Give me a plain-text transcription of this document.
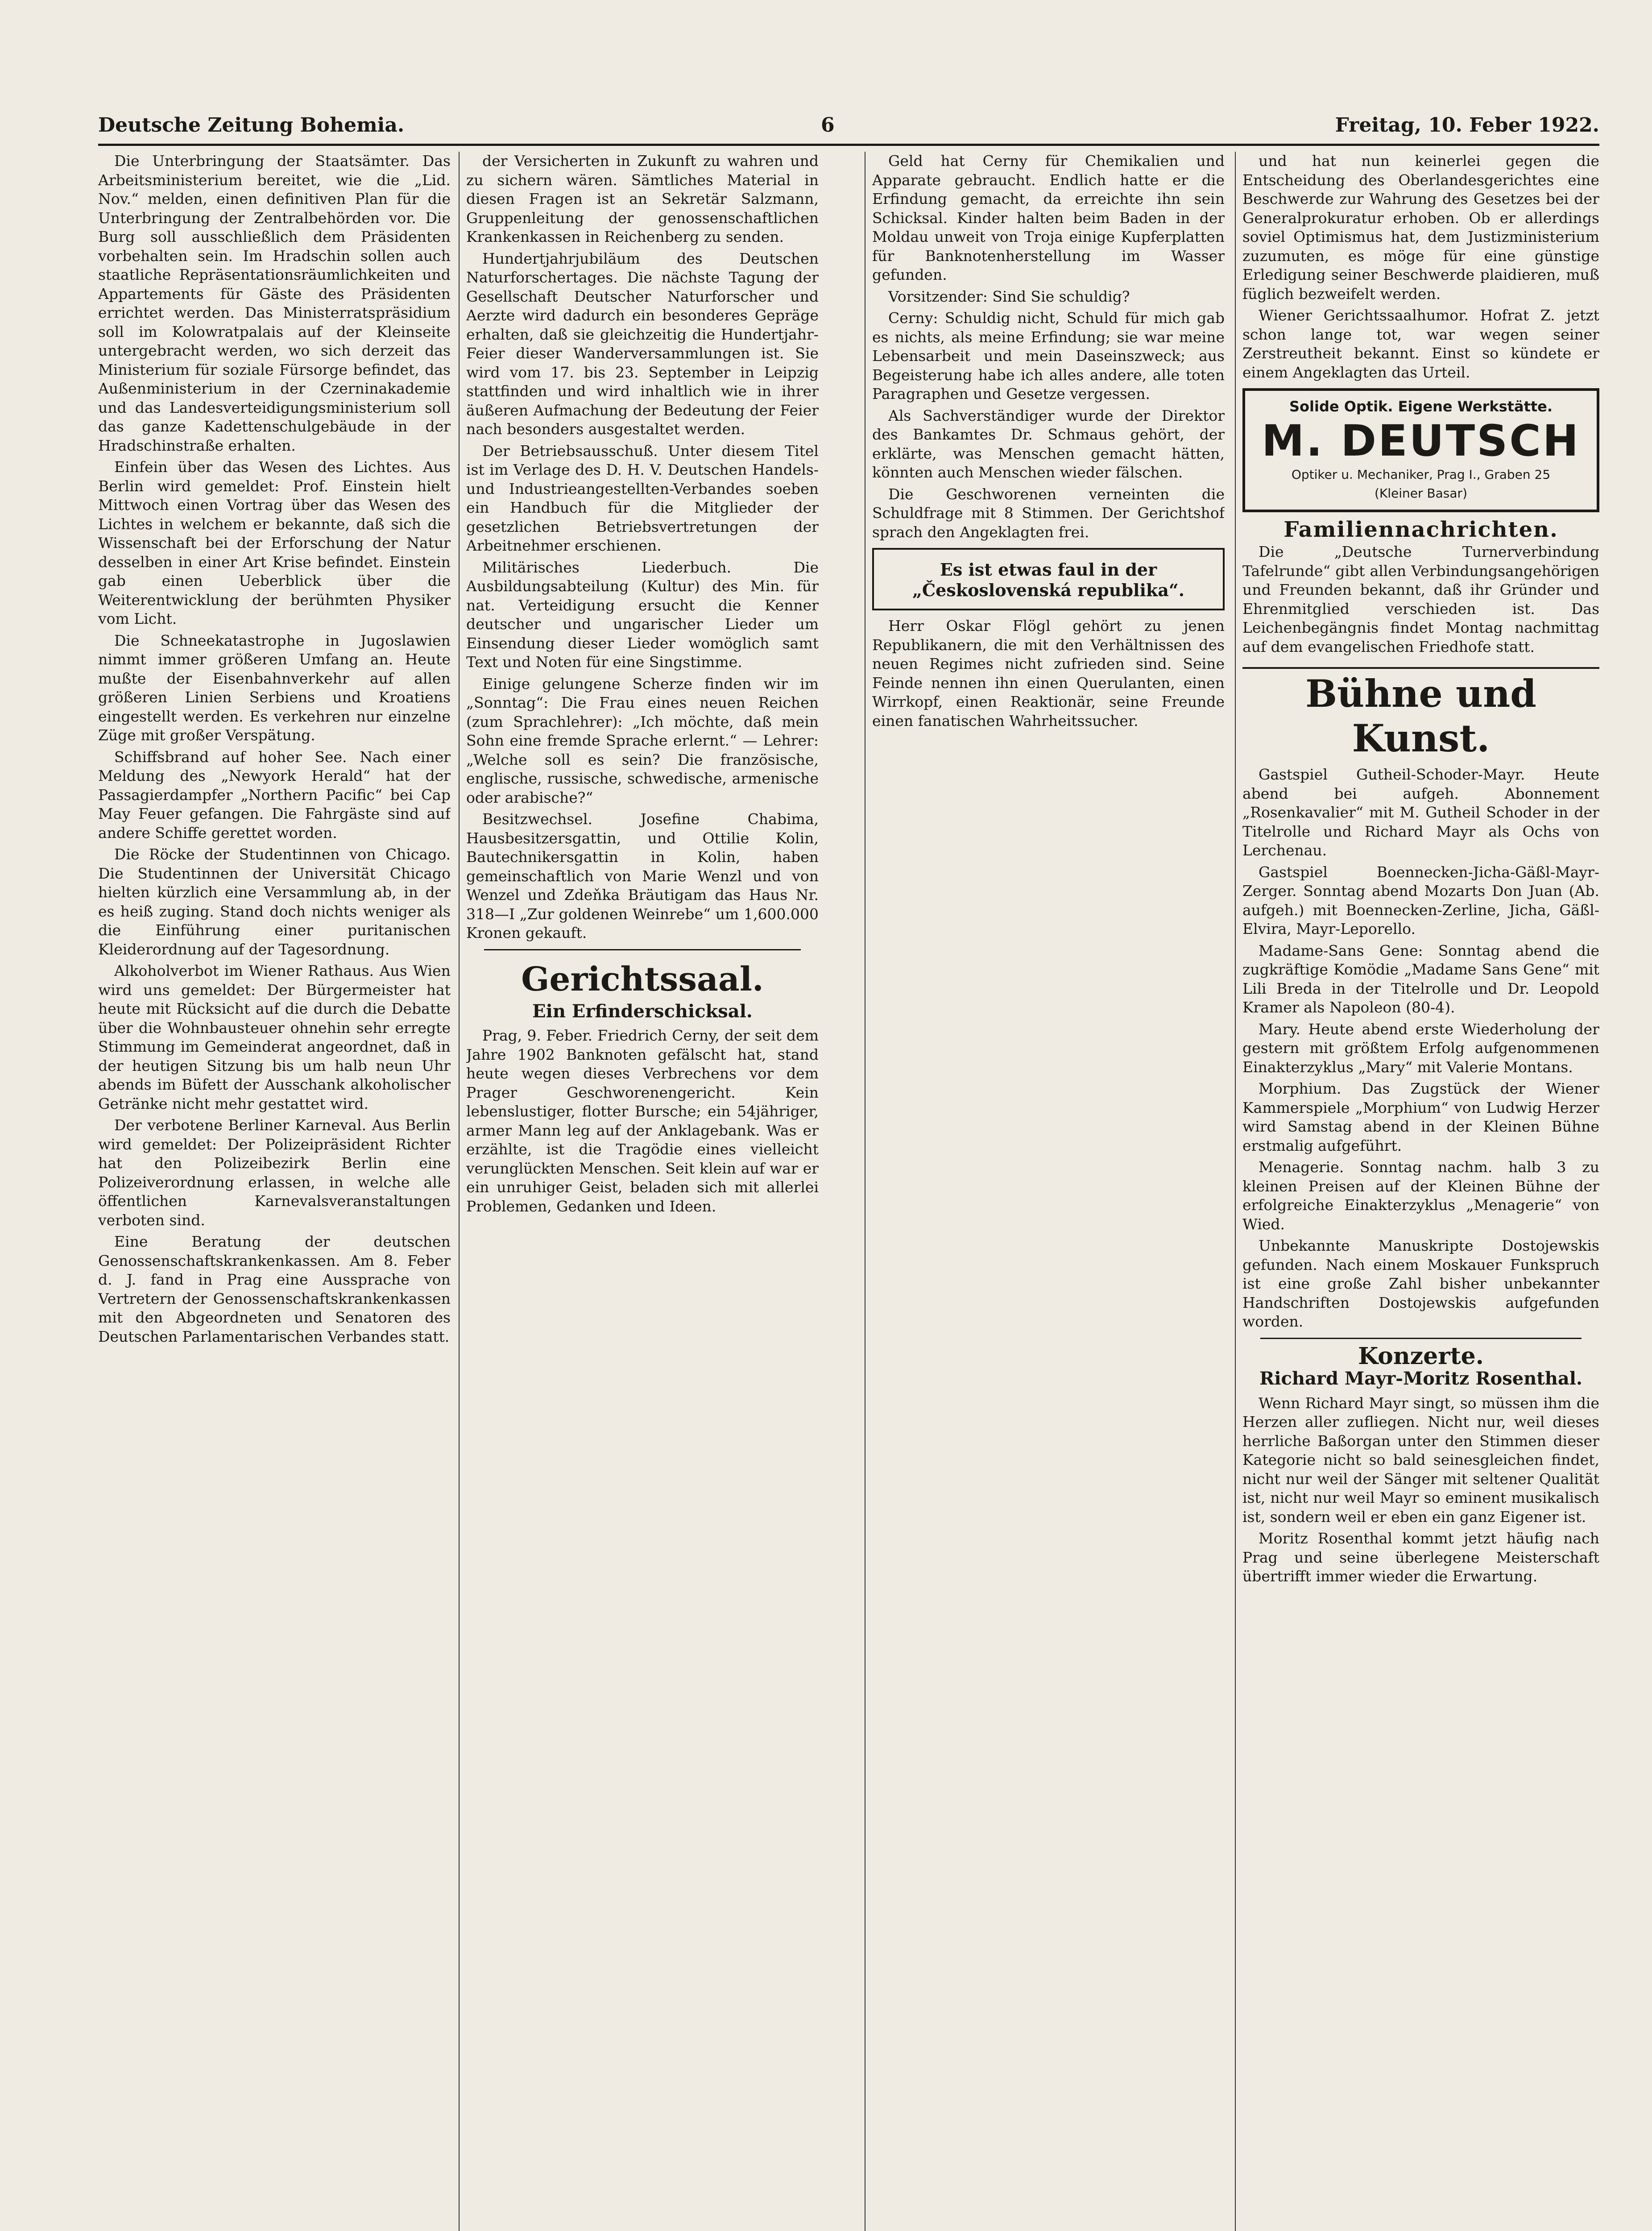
Deutsche Zeitung Bohemia.	6	Freitag, 10. Feber 1922.

Die Unterbringung der Staatsämter. Das Arbeitsministerium bereitet, wie die „Lid. Nov.“ melden, einen definitiven Plan für die Unterbringung der Zentralbehörden vor. Die Burg soll ausschließlich dem Präsidenten vorbehalten sein. Im Hradschin sollen auch staatliche Repräsentationsräumlichkeiten und Appartements für Gäste des Präsidenten errichtet werden. Das Ministerratspräsidium soll im Kolowratpalais auf der Kleinseite untergebracht werden, wo sich derzeit das Ministerium für soziale Fürsorge befindet, das Außenministerium in der Czerninakademie und das Landesverteidigungsministerium soll das ganze Kadettenschulgebäude in der Hradschinstraße erhalten.

Einfein über das Wesen des Lichtes. Aus Berlin wird gemeldet: Prof. Einstein hielt Mittwoch einen Vortrag über das Wesen des Lichtes in welchem er bekannte, daß sich die Wissenschaft bei der Erforschung der Natur desselben in einer Art Krise befindet. Einstein gab einen Ueberblick über die Weiterentwicklung der berühmten Physiker vom Licht.

Die Schneekatastrophe in Jugoslawien nimmt immer größeren Umfang an. Heute mußte der Eisenbahnverkehr auf allen größeren Linien Serbiens und Kroatiens eingestellt werden. Es verkehren nur einzelne Züge mit großer Verspätung.

Schiffsbrand auf hoher See. Nach einer Meldung des „Newyork Herald“ hat der Passagierdampfer „Northern Pacific“ bei Cap May Feuer gefangen. Die Fahrgäste sind auf andere Schiffe gerettet worden.

Die Röcke der Studentinnen von Chicago. Die Studentinnen der Universität Chicago hielten kürzlich eine Versammlung ab, in der es heiß zuging. Stand doch nichts weniger als die Einführung einer puritanischen Kleiderordnung auf der Tagesordnung.

Alkoholverbot im Wiener Rathaus. Aus Wien wird uns gemeldet: Der Bürgermeister hat heute mit Rücksicht auf die durch die Debatte über die Wohnbausteuer ohnehin sehr erregte Stimmung im Gemeinderat angeordnet, daß in der heutigen Sitzung bis um halb neun Uhr abends im Büfett der Ausschank alkoholischer Getränke nicht mehr gestattet wird.

Der verbotene Berliner Karneval. Aus Berlin wird gemeldet: Der Polizeipräsident Richter hat den Polizeibezirk Berlin eine Polizeiverordnung erlassen, in welche alle öffentlichen Karnevalsveranstaltungen verboten sind.

Eine Beratung der deutschen Genossenschaftskrankenkassen. Am 8. Feber d. J. fand in Prag eine Aussprache von Vertretern der Genossenschaftskrankenkassen mit den Abgeordneten und Senatoren des Deutschen Parlamentarischen Verbandes statt.

der Versicherten in Zukunft zu wahren und zu sichern wären. Sämtliches Material in diesen Fragen ist an Sekretär Salzmann, Gruppenleitung der genossenschaftlichen Krankenkassen in Reichenberg zu senden.

Hundertjahrjubiläum des Deutschen Naturforschertages. Die nächste Tagung der Gesellschaft Deutscher Naturforscher und Aerzte wird dadurch ein besonderes Gepräge erhalten, daß sie gleichzeitig die Hundertjahr-Feier dieser Wanderversammlungen ist. Sie wird vom 17. bis 23. September in Leipzig stattfinden und wird inhaltlich wie in ihrer äußeren Aufmachung der Bedeutung der Feier nach besonders ausgestaltet werden.

Der Betriebsausschuß. Unter diesem Titel ist im Verlage des D. H. V. Deutschen Handels- und Industrieangestellten-Verbandes soeben ein Handbuch für die Mitglieder der gesetzlichen Betriebsvertretungen der Arbeitnehmer erschienen.

Militärisches Liederbuch. Die Ausbildungsabteilung (Kultur) des Min. für nat. Verteidigung ersucht die Kenner deutscher und ungarischer Lieder um Einsendung dieser Lieder womöglich samt Text und Noten für eine Singstimme.

Einige gelungene Scherze finden wir im „Sonntag“: Die Frau eines neuen Reichen (zum Sprachlehrer): „Ich möchte, daß mein Sohn eine fremde Sprache erlernt.“ — Lehrer: „Welche soll es sein? Die französische, englische, russische, schwedische, armenische oder arabische?“

Besitzwechsel. Josefine Chabima, Hausbesitzersgattin, und Ottilie Kolin, Bautechnikersgattin in Kolin, haben gemeinschaftlich von Marie Wenzl und von Wenzel und Zdeňka Bräutigam das Haus Nr. 318—I „Zur goldenen Weinrebe“ um 1,600.000 Kronen gekauft.

Gerichtssaal.
Ein Erfinderschicksal.

Prag, 9. Feber. Friedrich Cerny, der seit dem Jahre 1902 Banknoten gefälscht hat, stand heute wegen dieses Verbrechens vor dem Prager Geschworenengericht. Kein lebenslustiger, flotter Bursche; ein 54jähriger, armer Mann leg auf der Anklagebank. Was er erzählte, ist die Tragödie eines vielleicht verunglückten Menschen. Seit klein auf war er ein unruhiger Geist, beladen sich mit allerlei Problemen, Gedanken und Ideen.

Geld hat Cerny für Chemikalien und Apparate gebraucht. Endlich hatte er die Erfindung gemacht, da erreichte ihn sein Schicksal. Kinder halten beim Baden in der Moldau unweit von Troja einige Kupferplatten für Banknotenherstellung im Wasser gefunden.

Vorsitzender: Sind Sie schuldig?

Cerny: Schuldig nicht, Schuld für mich gab es nichts, als meine Erfindung; sie war meine Lebensarbeit und mein Daseinszweck; aus Begeisterung habe ich alles andere, alle toten Paragraphen und Gesetze vergessen.

Als Sachverständiger wurde der Direktor des Bankamtes Dr. Schmaus gehört, der erklärte, was Menschen gemacht hätten, könnten auch Menschen wieder fälschen.

Die Geschworenen verneinten die Schuldfrage mit 8 Stimmen. Der Gerichtshof sprach den Angeklagten frei.

Es ist etwas faul in der „Československá republika“.

Herr Oskar Flögl gehört zu jenen Republikanern, die mit den Verhältnissen des neuen Regimes nicht zufrieden sind. Seine Feinde nennen ihn einen Querulanten, einen Wirrkopf, einen Reaktionär, seine Freunde einen fanatischen Wahrheitssucher.

und hat nun keinerlei gegen die Entscheidung des Oberlandesgerichtes eine Beschwerde zur Wahrung des Gesetzes bei der Generalprokuratur erhoben. Ob er allerdings soviel Optimismus hat, dem Justizministerium zuzumuten, es möge für eine günstige Erledigung seiner Beschwerde plaidieren, muß füglich bezweifelt werden.

Wiener Gerichtssaalhumor. Hofrat Z. jetzt schon lange tot, war wegen seiner Zerstreutheit bekannt. Einst so kündete er einem Angeklagten das Urteil.

Solide Optik. Eigene Werkstätte.
M. DEUTSCH
Optiker u. Mechaniker, Prag I., Graben 25
(Kleiner Basar)
Familiennachrichten.

Die „Deutsche Turnerverbindung Tafelrunde“ gibt allen Verbindungsangehörigen und Freunden bekannt, daß ihr Gründer und Ehrenmitglied verschieden ist. Das Leichenbegängnis findet Montag nachmittag auf dem evangelischen Friedhofe statt.

Bühne und Kunst.

Gastspiel Gutheil-Schoder-Mayr. Heute abend bei aufgeh. Abonnement „Rosenkavalier“ mit M. Gutheil Schoder in der Titelrolle und Richard Mayr als Ochs von Lerchenau.

Gastspiel Boennecken-Jicha-Gäßl-Mayr-Zerger. Sonntag abend Mozarts Don Juan (Ab. aufgeh.) mit Boennecken-Zerline, Jicha, Gäßl-Elvira, Mayr-Leporello.

Madame-Sans Gene: Sonntag abend die zugkräftige Komödie „Madame Sans Gene“ mit Lili Breda in der Titelrolle und Dr. Leopold Kramer als Napoleon (80-4).

Mary. Heute abend erste Wiederholung der gestern mit größtem Erfolg aufgenommenen Einakterzyklus „Mary“ mit Valerie Montans.

Morphium. Das Zugstück der Wiener Kammerspiele „Morphium“ von Ludwig Herzer wird Samstag abend in der Kleinen Bühne erstmalig aufgeführt.

Menagerie. Sonntag nachm. halb 3 zu kleinen Preisen auf der Kleinen Bühne der erfolgreiche Einakterzyklus „Menagerie“ von Wied.

Unbekannte Manuskripte Dostojewskis gefunden. Nach einem Moskauer Funkspruch ist eine große Zahl bisher unbekannter Handschriften Dostojewskis aufgefunden worden.

Konzerte.
Richard Mayr-Moritz Rosenthal.

Wenn Richard Mayr singt, so müssen ihm die Herzen aller zufliegen. Nicht nur, weil dieses herrliche Baßorgan unter den Stimmen dieser Kategorie nicht so bald seinesgleichen findet, nicht nur weil der Sänger mit seltener Qualität ist, nicht nur weil Mayr so eminent musikalisch ist, sondern weil er eben ein ganz Eigener ist.

Moritz Rosenthal kommt jetzt häufig nach Prag und seine überlegene Meisterschaft übertrifft immer wieder die Erwartung.
